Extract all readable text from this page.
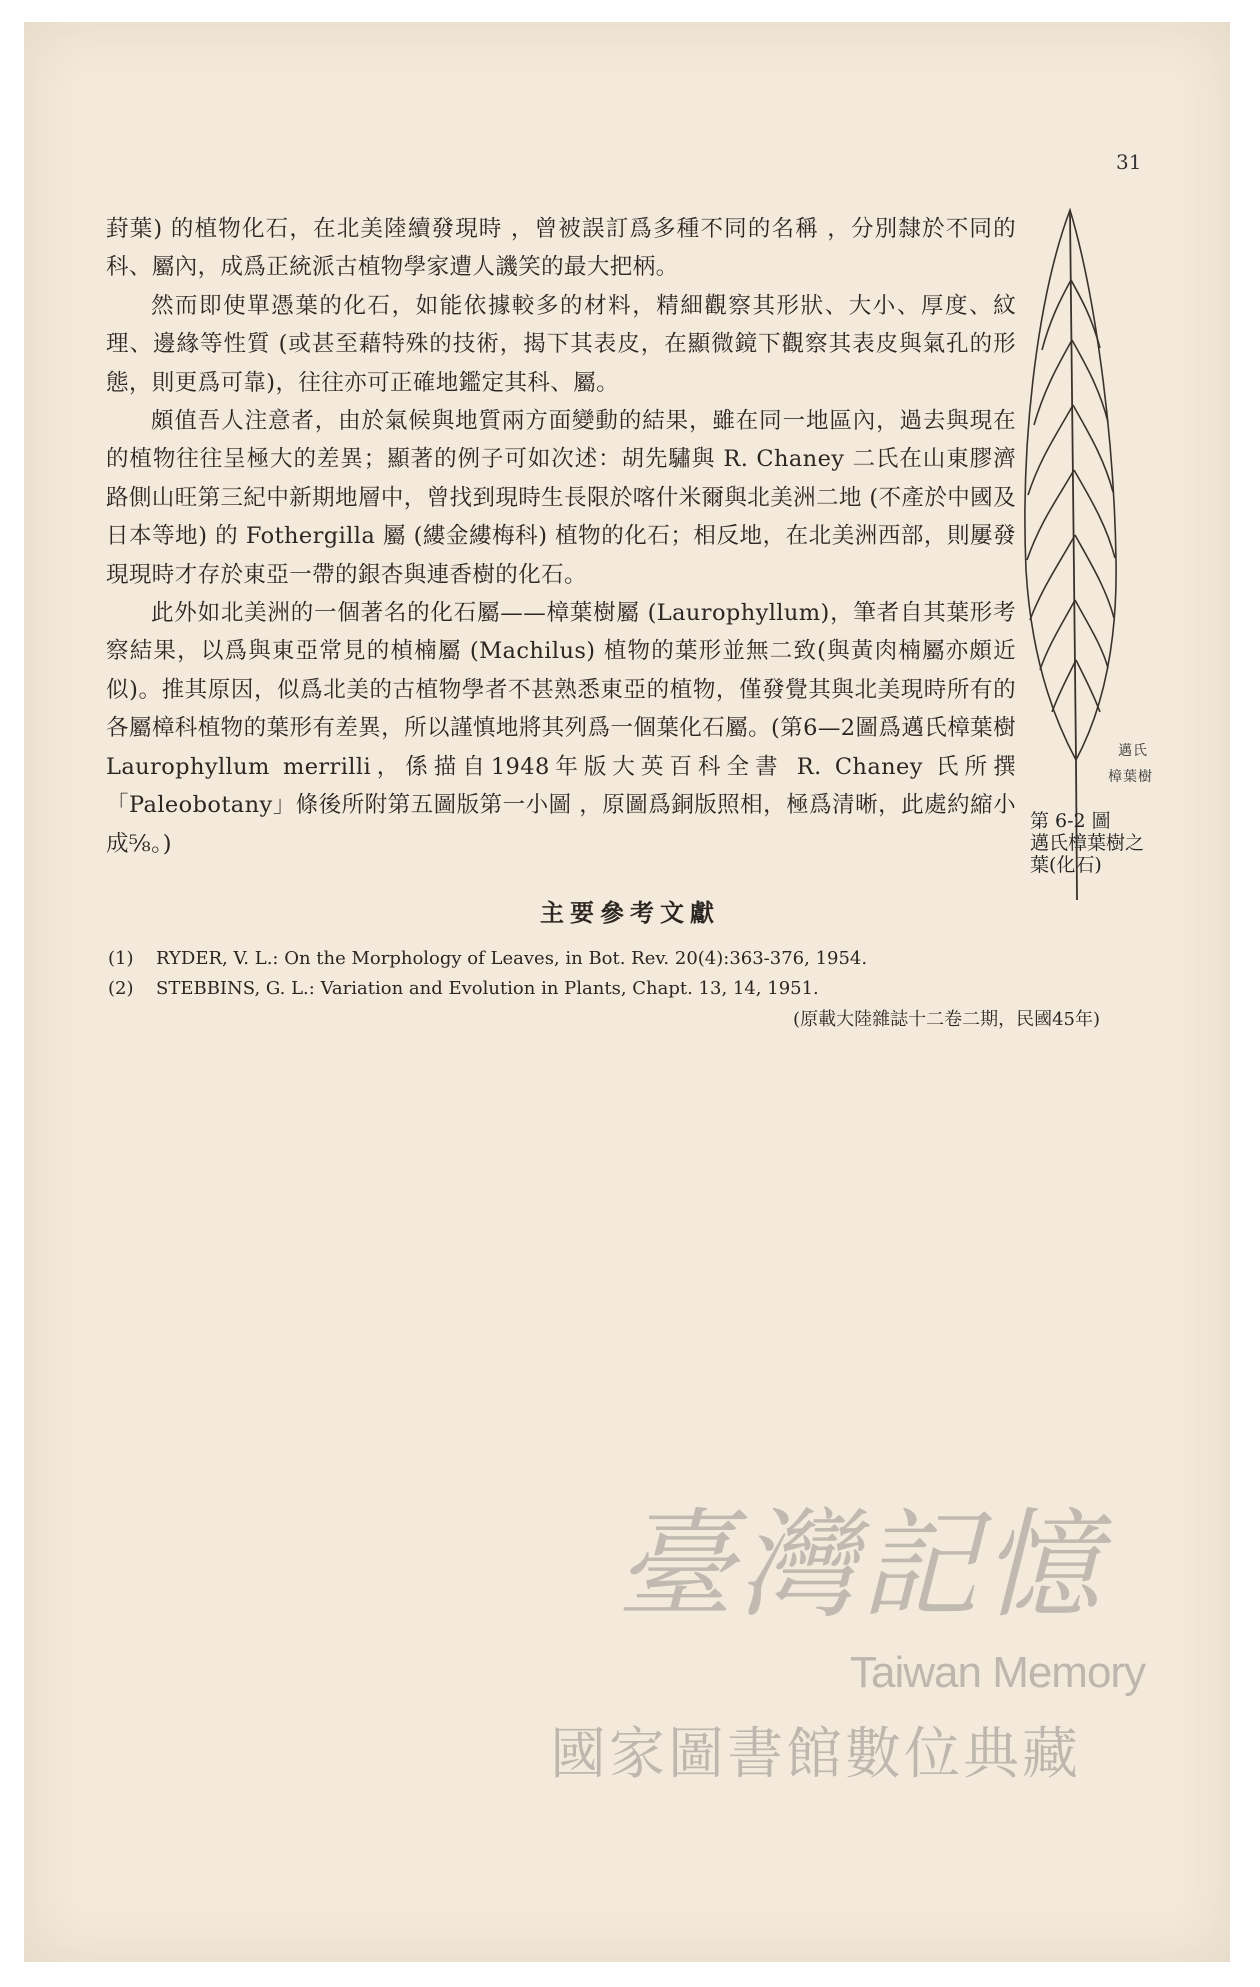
31

葑葉) 的植物化石，在北美陸續發現時 ，曾被誤訂爲多種不同的名稱 ，分別隸於不同的科、屬內，成爲正統派古植物學家遭人譏笑的最大把柄。

然而即使單憑葉的化石，如能依據較多的材料，精細觀察其形狀、大小、厚度、紋理、邊緣等性質 (或甚至藉特殊的技術，揭下其表皮，在顯微鏡下觀察其表皮與氣孔的形態，則更爲可靠)，往往亦可正確地鑑定其科、屬。

頗值吾人注意者，由於氣候與地質兩方面變動的結果，雖在同一地區內，過去與現在的植物往往呈極大的差異；顯著的例子可如次述：胡先驌與 R. Chaney 二氏在山東膠濟路側山旺第三紀中新期地層中，曾找到現時生長限於喀什米爾與北美洲二地 (不產於中國及日本等地) 的 Fothergilla 屬 (縷金縷梅科) 植物的化石；相反地，在北美洲西部，則屢發現現時才存於東亞一帶的銀杏與連香樹的化石。

此外如北美洲的一個著名的化石屬——樟葉樹屬 (Laurophyllum)，筆者自其葉形考察結果，以爲與東亞常見的楨楠屬 (Machilus) 植物的葉形並無二致(與黃肉楠屬亦頗近似)。推其原因，似爲北美的古植物學者不甚熟悉東亞的植物，僅發覺其與北美現時所有的各屬樟科植物的葉形有差異，所以謹慎地將其列爲一個葉化石屬。(第6—2圖爲邁氏樟葉樹 Laurophyllum merrilli，係描自1948年版大英百科全書 R. Chaney 氏所撰「Paleobotany」條後所附第五圖版第一小圖 ，原圖爲銅版照相，極爲清晰，此處約縮小成⅝。)

邁氏
樟葉樹
第 6-2 圖
邁氏樟葉樹之
葉(化石)
主要參考文獻
(1) RYDER, V. L.: On the Morphology of Leaves, in Bot. Rev. 20(4):363-376, 1954.
(2) STEBBINS, G. L.: Variation and Evolution in Plants, Chapt. 13, 14, 1951.
(原載大陸雜誌十二卷二期，民國45年)
臺灣記憶
Taiwan Memory
國家圖書館數位典藏
